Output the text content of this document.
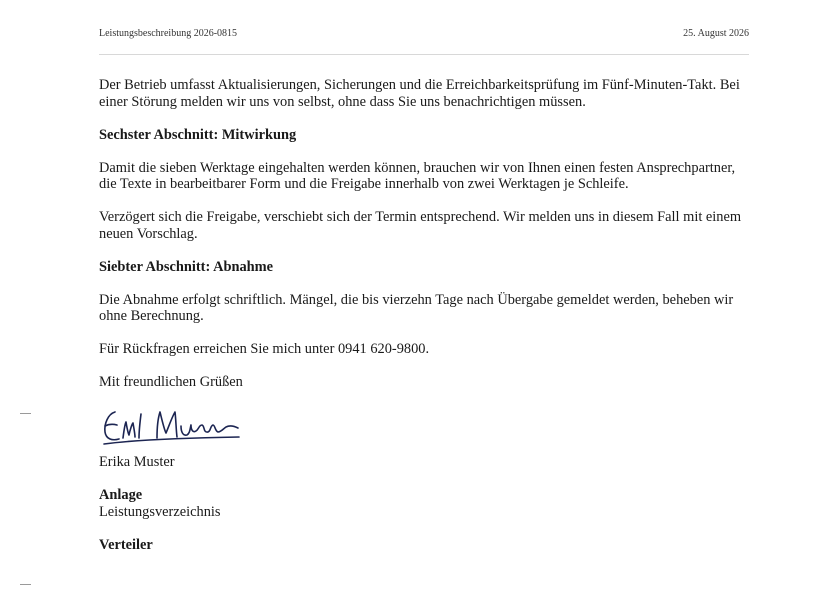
Leistungsbeschreibung 2026-0815	25. August 2026

Der Betrieb umfasst Aktualisierungen, Sicherungen und die Erreichbarkeitsprüfung im Fünf-Minuten-Takt. Bei einer Störung melden wir uns von selbst, ohne dass Sie uns benachrichtigen müssen.

Sechster Abschnitt: Mitwirkung

Damit die sieben Werktage eingehalten werden können, brauchen wir von Ihnen einen festen Ansprechpartner, die Texte in bearbeitbarer Form und die Freigabe innerhalb von zwei Werktagen je Schleife.

Verzögert sich die Freigabe, verschiebt sich der Termin entsprechend. Wir melden uns in diesem Fall mit einem neuen Vorschlag.

Siebter Abschnitt: Abnahme

Die Abnahme erfolgt schriftlich. Mängel, die bis vierzehn Tage nach Übergabe gemeldet werden, beheben wir ohne Berechnung.

Für Rückfragen erreichen Sie mich unter 0941 620-9800.

Mit freundlichen Grüßen

Erika Muster

Anlage
Leistungsverzeichnis

Verteiler
